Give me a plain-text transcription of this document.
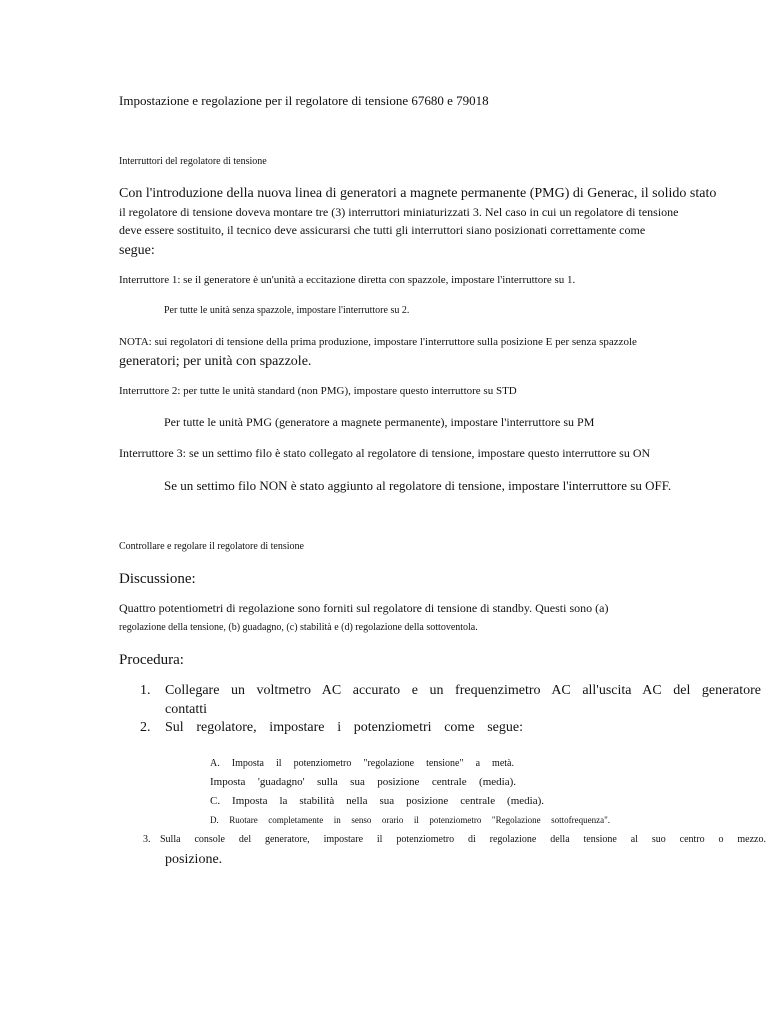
Impostazione e regolazione per il regolatore di tensione 67680 e 79018
Interruttori del regolatore di tensione
Con l'introduzione della nuova linea di generatori a magnete permanente (PMG) di Generac, il solido stato
il regolatore di tensione doveva montare tre (3) interruttori miniaturizzati 3. Nel caso in cui un regolatore di tensione
deve essere sostituito, il tecnico deve assicurarsi che tutti gli interruttori siano posizionati correttamente come
segue:
Interruttore 1: se il generatore è un'unità a eccitazione diretta con spazzole, impostare l'interruttore su 1.
Per tutte le unità senza spazzole, impostare l'interruttore su 2.
NOTA: sui regolatori di tensione della prima produzione, impostare l'interruttore sulla posizione E per senza spazzole
generatori; per unità con spazzole.
Interruttore 2: per tutte le unità standard (non PMG), impostare questo interruttore su STD
Per tutte le unità PMG (generatore a magnete permanente), impostare l'interruttore su PM
Interruttore 3: se un settimo filo è stato collegato al regolatore di tensione, impostare questo interruttore su ON
Se un settimo filo NON è stato aggiunto al regolatore di tensione, impostare l'interruttore su OFF.
Controllare e regolare il regolatore di tensione
Discussione:
Quattro potentiometri di regolazione sono forniti sul regolatore di tensione di standby. Questi sono (a)
regolazione della tensione, (b) guadagno, (c) stabilità e (d) regolazione della sottoventola.
Procedura:
1. Collegare un voltmetro AC accurato e un frequenzimetro AC all'uscita AC del generatore
contatti
2. Sul regolatore, impostare i potenziometri come segue:
A. Imposta il potenziometro "regolazione tensione" a metà.
Imposta 'guadagno' sulla sua posizione centrale (media).
C. Imposta la stabilità nella sua posizione centrale (media).
D. Ruotare completamente in senso orario il potenziometro "Regolazione sottofrequenza".
3. Sulla console del generatore, impostare il potenziometro di regolazione della tensione al suo centro o mezzo.
posizione.
